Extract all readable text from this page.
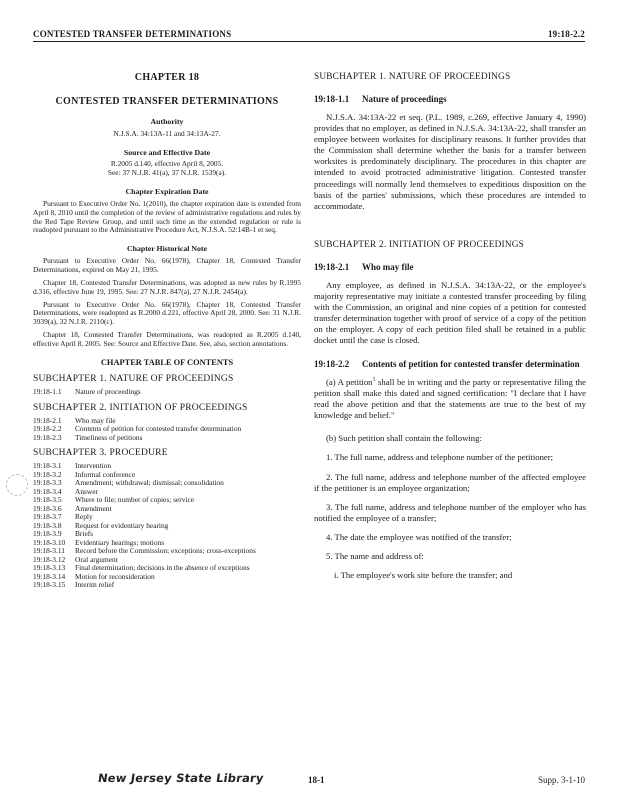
CONTESTED TRANSFER DETERMINATIONS	19:18-2.2
CHAPTER 18
CONTESTED TRANSFER DETERMINATIONS
Authority
N.J.S.A. 34:13A-11 and 34:13A-27.
Source and Effective Date
R.2005 d.140, effective April 8, 2005.
See: 37 N.J.R. 41(a), 37 N.J.R. 1539(a).
Chapter Expiration Date
Pursuant to Executive Order No. 1(2010), the chapter expiration date is extended from April 8, 2010 until the completion of the review of administrative regulations and rules by the Red Tape Review Group, and until such time as the extended regulation or rule is readopted pursuant to the Administrative Procedure Act, N.J.S.A. 52:14B-1 et seq.
Chapter Historical Note
Pursuant to Executive Order No. 66(1978), Chapter 18, Contested Transfer Determinations, expired on May 21, 1995.
Chapter 18, Contested Transfer Determinations, was adopted as new rules by R.1995 d.316, effective June 19, 1995. See: 27 N.J.R. 847(a), 27 N.J.R. 2454(a).
Pursuant to Executive Order No. 66(1978), Chapter 18, Contested Transfer Determinations, were readopted as R.2000 d.221, effective April 28, 2000. See: 31 N.J.R. 3939(a), 32 N.J.R. 2110(c).
Chapter 18, Contested Transfer Determinations, was readopted as R.2005 d.140, effective April 8, 2005. See: Source and Effective Date. See, also, section annotations.
CHAPTER TABLE OF CONTENTS
SUBCHAPTER 1. NATURE OF PROCEEDINGS
19:18-1.1	Nature of proceedings
SUBCHAPTER 2. INITIATION OF PROCEEDINGS
19:18-2.1	Who may file
19:18-2.2	Contents of petition for contested transfer determination
19:18-2.3	Timeliness of petitions
SUBCHAPTER 3. PROCEDURE
19:18-3.1	Intervention
19:18-3.2	Informal conference
19:18-3.3	Amendment; withdrawal; dismissal; consolidation
19:18-3.4	Answer
19:18-3.5	Where to file; number of copies; service
19:18-3.6	Amendment
19:18-3.7	Reply
19:18-3.8	Request for evidentiary hearing
19:18-3.9	Briefs
19:18-3.10	Evidentiary hearings; motions
19:18-3.11	Record before the Commission; exceptions; cross-exceptions
19:18-3.12	Oral argument
19:18-3.13	Final determination; decisions in the absence of exceptions
19:18-3.14	Motion for reconsideration
19:18-3.15	Interim relief
SUBCHAPTER 1. NATURE OF PROCEEDINGS
19:18-1.1	Nature of proceedings
N.J.S.A. 34:13A-22 et seq. (P.L. 1989, c.269, effective January 4, 1990) provides that no employer, as defined in N.J.S.A. 34:13A-22, shall transfer an employee between worksites for disciplinary reasons. It further provides that the Commission shall determine whether the basis for a transfer between worksites is predominately disciplinary. The procedures in this chapter are intended to avoid protracted administrative litigation. Contested transfer proceedings will normally lend themselves to expeditious disposition on the basis of the parties' submissions, which these procedures are intended to accommodate.
SUBCHAPTER 2. INITIATION OF PROCEEDINGS
19:18-2.1	Who may file
Any employee, as defined in N.J.S.A. 34:13A-22, or the employee's majority representative may initiate a contested transfer proceeding by filing with the Commission, an original and nine copies of a petition for contested transfer determination together with proof of service of a copy of the petition on the employer. A copy of each petition filed shall be retained in a public docket until the case is closed.
19:18-2.2	Contents of petition for contested transfer determination
(a) A petition$^1$ shall be in writing and the party or representative filing the petition shall make this dated and signed certification: "I declare that I have read the above petition and that the statements are true to the best of my knowledge and belief."
(b) Such petition shall contain the following:
1. The full name, address and telephone number of the petitioner;
2. The full name, address and telephone number of the affected employee if the petitioner is an employee organization;
3. The full name, address and telephone number of the employer who has notified the employee of a transfer;
4. The date the employee was notified of the transfer;
5. The name and address of:
i. The employee's work site before the transfer; and
New Jersey State Library	18-1	Supp. 3-1-10
